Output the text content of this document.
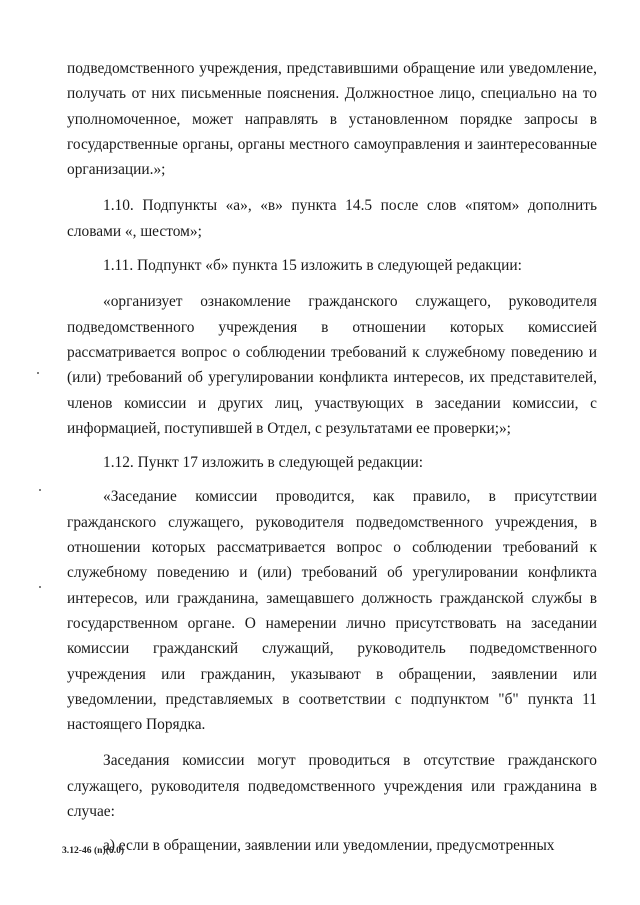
подведомственного учреждения, представившими обращение или уведомление, получать от них письменные пояснения. Должностное лицо, специально на то уполномоченное, может направлять в установленном порядке запросы в государственные органы, органы местного самоуправления и заинтересованные организации.»;

1.10. Подпункты «а», «в» пункта 14.5 после слов «пятом» дополнить словами «, шестом»;

1.11. Подпункт «б» пункта 15 изложить в следующей редакции:

«организует ознакомление гражданского служащего, руководителя подведомственного учреждения в отношении которых комиссией рассматривается вопрос о соблюдении требований к служебному поведению и (или) требований об урегулировании конфликта интересов, их представителей, членов комиссии и других лиц, участвующих в заседании комиссии, с информацией, поступившей в Отдел, с результатами ее проверки;»;

1.12. Пункт 17 изложить в следующей редакции:

«Заседание комиссии проводится, как правило, в присутствии гражданского служащего, руководителя подведомственного учреждения, в отношении которых рассматривается вопрос о соблюдении требований к служебному поведению и (или) требований об урегулировании конфликта интересов, или гражданина, замещавшего должность гражданской службы в государственном органе. О намерении лично присутствовать на заседании комиссии гражданский служащий, руководитель подведомственного учреждения или гражданин, указывают в обращении, заявлении или уведомлении, представляемых в соответствии с подпунктом "б" пункта 11 настоящего Порядка.

Заседания комиссии могут проводиться в отсутствие гражданского служащего, руководителя подведомственного учреждения или гражданина в случае:

а) если в обращении, заявлении или уведомлении, предусмотренных

3.12-46 (n)(6.0)
